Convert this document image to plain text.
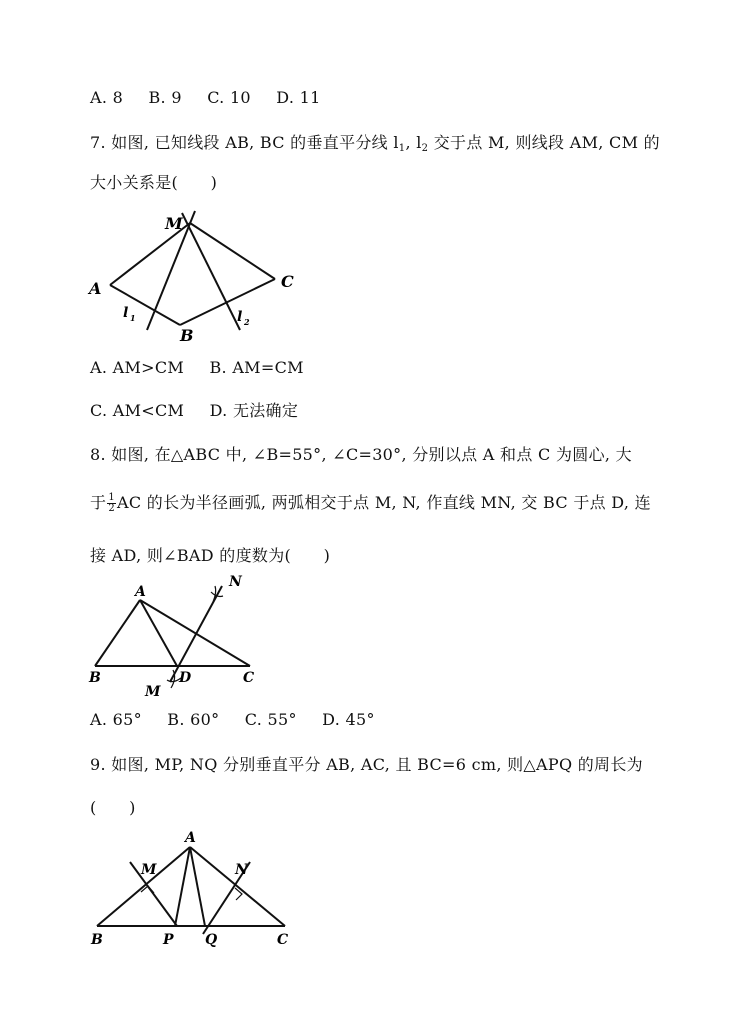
A. 8 B. 9 C. 10 D. 11
7. 如图, 已知线段 AB, BC 的垂直平分线 $l_1$, $l_2$ 交于点 M, 则线段 AM, CM 的
大小关系是(　　)
M
A	C
B
l 1	l 2
A. AM>CM B. AM=CM
C. AM<CM D. 无法确定
8. 如图, 在△ABC 中, ∠B=55°, ∠C=30°, 分别以点 A 和点 C 为圆心, 大
于 $\frac{1}{2}$ AC 的长为半径画弧, 两弧相交于点 M, N, 作直线 MN, 交 BC 于点 D, 连
接 AD, 则∠BAD 的度数为(　　)
A
N
B	D	C
M
A. 65° B. 60° C. 55° D. 45°
9. 如图, MP, NQ 分别垂直平分 AB, AC, 且 BC=6 cm, 则△APQ 的周长为
(　　)
A
M	N
B	P Q	C
